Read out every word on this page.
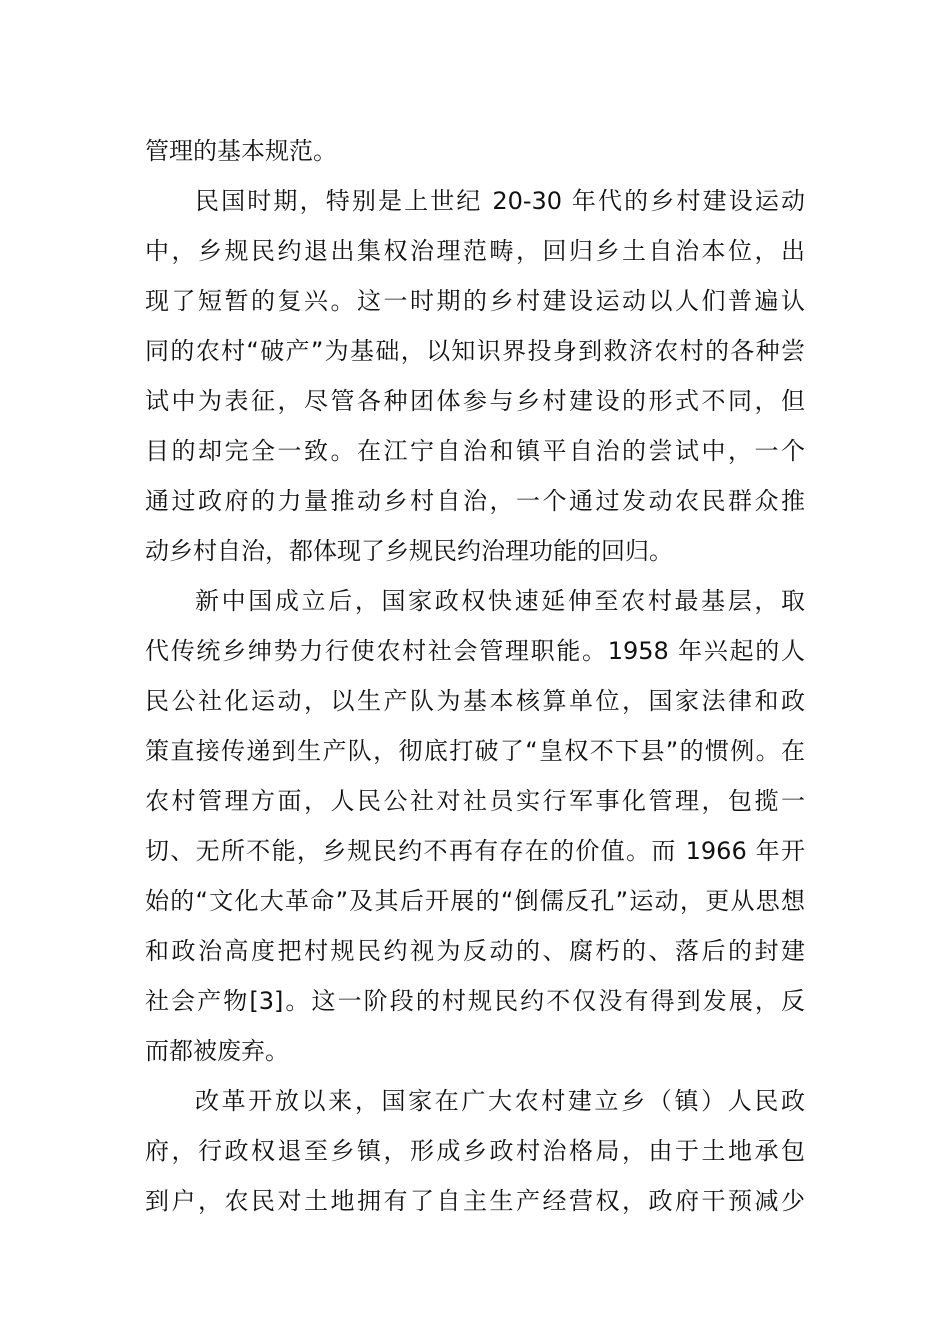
管理的基本规范。
民国时期，特别是上世纪 20-30 年代的乡村建设运动
中，乡规民约退出集权治理范畴，回归乡土自治本位，出
现了短暂的复兴。这一时期的乡村建设运动以人们普遍认
同的农村“破产”为基础，以知识界投身到救济农村的各种尝
试中为表征，尽管各种团体参与乡村建设的形式不同，但
目的却完全一致。在江宁自治和镇平自治的尝试中，一个
通过政府的力量推动乡村自治，一个通过发动农民群众推
动乡村自治，都体现了乡规民约治理功能的回归。
新中国成立后，国家政权快速延伸至农村最基层，取
代传统乡绅势力行使农村社会管理职能。1958 年兴起的人
民公社化运动，以生产队为基本核算单位，国家法律和政
策直接传递到生产队，彻底打破了“皇权不下县”的惯例。在
农村管理方面，人民公社对社员实行军事化管理，包揽一
切、无所不能，乡规民约不再有存在的价值。而 1966 年开
始的“文化大革命”及其后开展的“倒儒反孔”运动，更从思想
和政治高度把村规民约视为反动的、腐朽的、落后的封建
社会产物[3]。这一阶段的村规民约不仅没有得到发展，反
而都被废弃。
改革开放以来，国家在广大农村建立乡（镇）人民政
府，行政权退至乡镇，形成乡政村治格局，由于土地承包
到户，农民对土地拥有了自主生产经营权，政府干预减少
